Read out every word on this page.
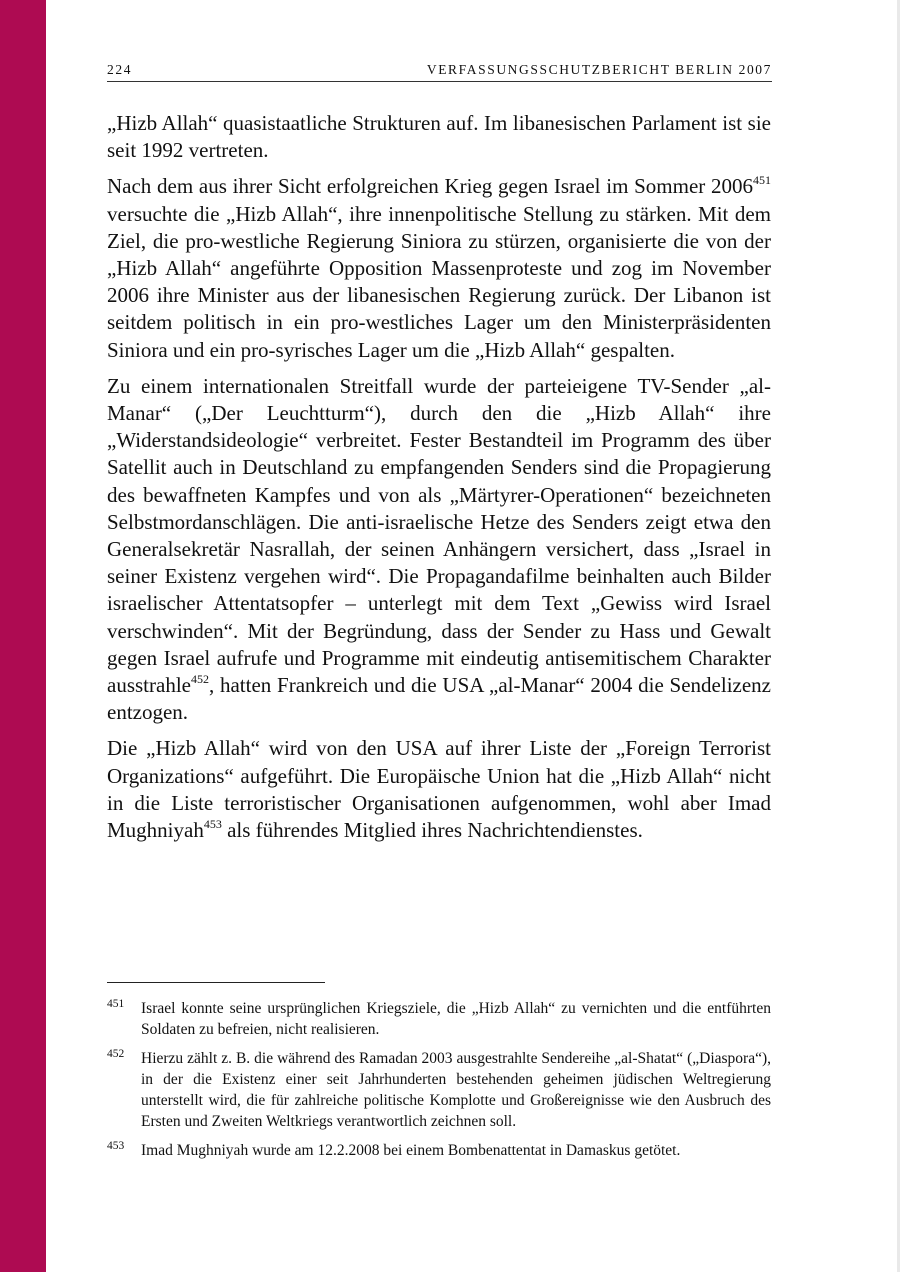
224	VERFASSUNGSSCHUTZBERICHT BERLIN 2007

„Hizb Allah“ quasistaatliche Strukturen auf. Im libanesischen Parlament ist sie seit 1992 vertreten.

Nach dem aus ihrer Sicht erfolgreichen Krieg gegen Israel im Sommer 2006$^{451}$ versuchte die „Hizb Allah“, ihre innenpolitische Stellung zu stärken. Mit dem Ziel, die pro-westliche Regierung Siniora zu stürzen, organisierte die von der „Hizb Allah“ angeführte Opposition Massenproteste und zog im November 2006 ihre Minister aus der libanesischen Regierung zurück. Der Libanon ist seitdem politisch in ein pro-westliches Lager um den Ministerpräsidenten Siniora und ein pro-syrisches Lager um die „Hizb Allah“ gespalten.

Zu einem internationalen Streitfall wurde der parteieigene TV-Sender „al-Manar“ („Der Leuchtturm“), durch den die „Hizb Allah“ ihre „Widerstandsideologie“ verbreitet. Fester Bestandteil im Programm des über Satellit auch in Deutschland zu empfangenden Senders sind die Propagierung des bewaffneten Kampfes und von als „Märtyrer-Operationen“ bezeichneten Selbstmordanschlägen. Die anti-israelische Hetze des Senders zeigt etwa den Generalsekretär Nasrallah, der seinen Anhängern versichert, dass „Israel in seiner Existenz vergehen wird“. Die Propagandafilme beinhalten auch Bilder israelischer Attentatsopfer – unterlegt mit dem Text „Gewiss wird Israel verschwinden“. Mit der Begründung, dass der Sender zu Hass und Gewalt gegen Israel aufrufe und Programme mit eindeutig antisemitischem Charakter ausstrahle$^{452}$, hatten Frankreich und die USA „al-Manar“ 2004 die Sendelizenz entzogen.

Die „Hizb Allah“ wird von den USA auf ihrer Liste der „Foreign Terrorist Organizations“ aufgeführt. Die Europäische Union hat die „Hizb Allah“ nicht in die Liste terroristischer Organisationen aufgenommen, wohl aber Imad Mughniyah$^{453}$ als führendes Mitglied ihres Nachrichtendienstes.

451 Israel konnte seine ursprünglichen Kriegsziele, die „Hizb Allah“ zu vernichten und die entführten Soldaten zu befreien, nicht realisieren.
452 Hierzu zählt z. B. die während des Ramadan 2003 ausgestrahlte Sendereihe „al-Shatat“ („Diaspora“), in der die Existenz einer seit Jahrhunderten bestehenden geheimen jüdischen Weltregierung unterstellt wird, die für zahlreiche politische Komplotte und Großereignisse wie den Ausbruch des Ersten und Zweiten Weltkriegs verantwortlich zeichnen soll.
453 Imad Mughniyah wurde am 12.2.2008 bei einem Bombenattentat in Damaskus getötet.
